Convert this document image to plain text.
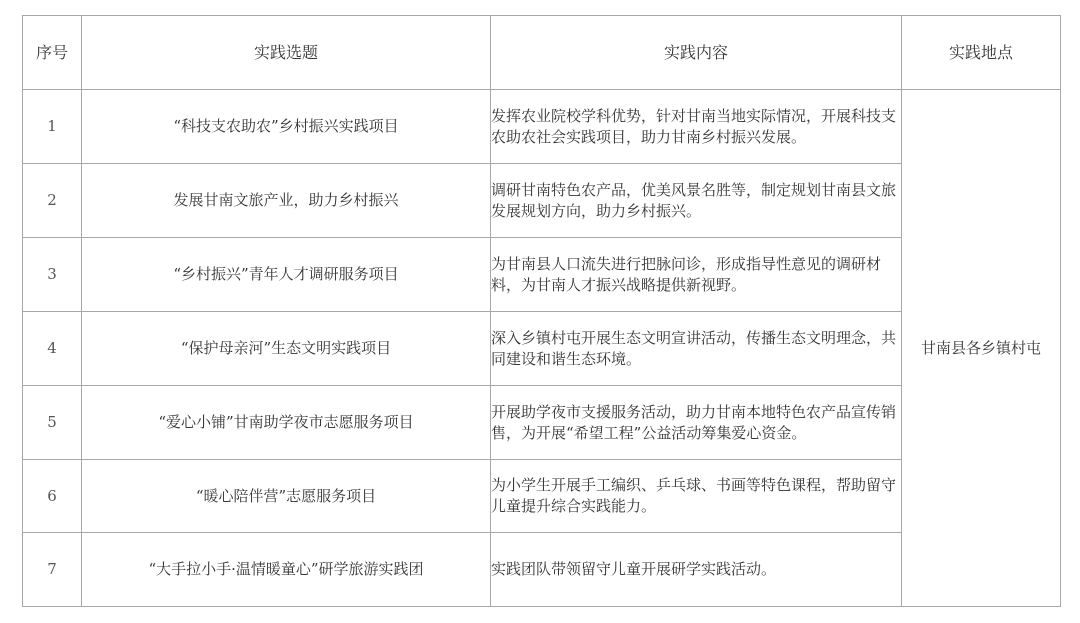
序号	实践选题	实践内容	实践地点
1	“科技支农助农”乡村振兴实践项目	发挥农业院校学科优势，针对甘南当地实际情况，开展科技支农助农社会实践项目，助力甘南乡村振兴发展。	甘南县各乡镇村屯
2	发展甘南文旅产业，助力乡村振兴	调研甘南特色农产品，优美风景名胜等，制定规划甘南县文旅发展规划方向，助力乡村振兴。	
3	“乡村振兴”青年人才调研服务项目	为甘南县人口流失进行把脉问诊，形成指导性意见的调研材料，为甘南人才振兴战略提供新视野。	
4	“保护母亲河”生态文明实践项目	深入乡镇村屯开展生态文明宣讲活动，传播生态文明理念，共同建设和谐生态环境。	
5	“爱心小铺”甘南助学夜市志愿服务项目	开展助学夜市支援服务活动，助力甘南本地特色农产品宣传销售，为开展“希望工程”公益活动筹集爱心资金。	
6	“暖心陪伴营”志愿服务项目	为小学生开展手工编织、乒乓球、书画等特色课程，帮助留守儿童提升综合实践能力。	
7	“大手拉小手·温情暖童心”研学旅游实践团	实践团队带领留守儿童开展研学实践活动。	
